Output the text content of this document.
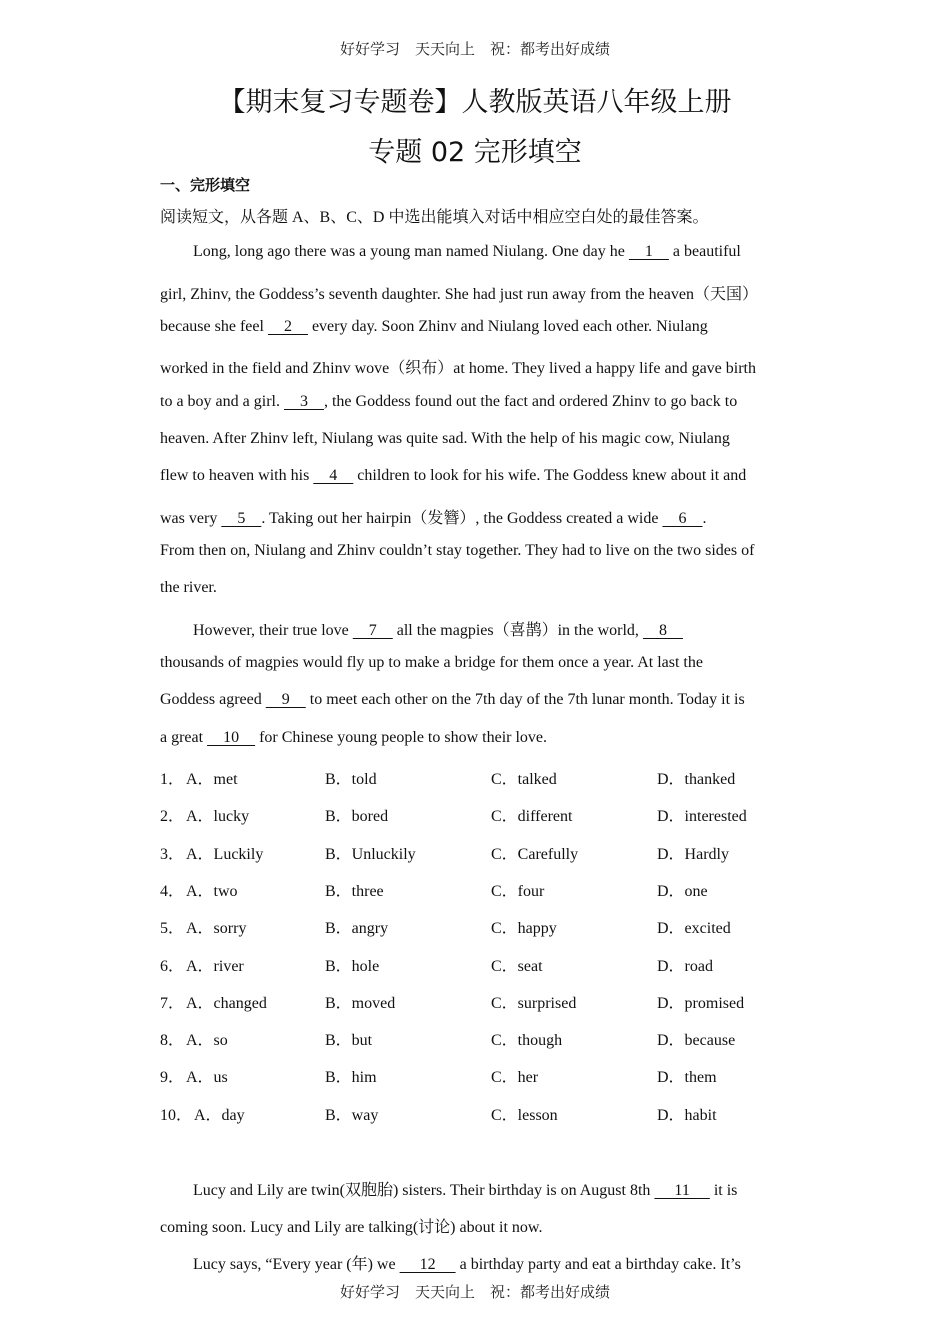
好好学习　天天向上　祝：都考出好成绩
【期末复习专题卷】人教版英语八年级上册
专题 02 完形填空
一、完形填空
阅读短文，从各题 A、B、C、D 中选出能填入对话中相应空白处的最佳答案。
Long, long ago there was a young man named Niulang. One day he     1     a beautiful
girl, Zhinv, the Goddess’s seventh daughter. She had just run away from the heaven（天国）
because she feel     2     every day. Soon Zhinv and Niulang loved each other. Niulang
worked in the field and Zhinv wove（织布）at home. They lived a happy life and gave birth
to a boy and a girl.     3    , the Goddess found out the fact and ordered Zhinv to go back to
heaven. After Zhinv left, Niulang was quite sad. With the help of his magic cow, Niulang
flew to heaven with his     4     children to look for his wife. The Goddess knew about it and
was very     5    . Taking out her hairpin（发簪）, the Goddess created a wide     6    .
From then on, Niulang and Zhinv couldn’t stay together. They had to live on the two sides of
the river.
However, their true love     7     all the magpies（喜鹊）in the world,     8
thousands of magpies would fly up to make a bridge for them once a year. At last the
Goddess agreed     9     to meet each other on the 7th day of the 7th lunar month. Today it is
a great     10     for Chinese young people to show their love.
1． A．met	B．told	C．talked	D．thanked
2． A．lucky	B．bored	C．different	D．interested
3． A．Luckily	B．Unluckily	C．Carefully	D．Hardly
4． A．two	B．three	C．four	D．one
5． A．sorry	B．angry	C．happy	D．excited
6． A．river	B．hole	C．seat	D．road
7． A．changed	B．moved	C．surprised	D．promised
8． A．so	B．but	C．though	D．because
9． A．us	B．him	C．her	D．them
10． A．day	B．way	C．lesson	D．habit
Lucy and Lily are twin(双胞胎) sisters. Their birthday is on August 8th      11      it is
coming soon. Lucy and Lily are talking(讨论) about it now.
Lucy says, “Every year (年) we      12      a birthday party and eat a birthday cake. It’s
好好学习　天天向上　祝：都考出好成绩
